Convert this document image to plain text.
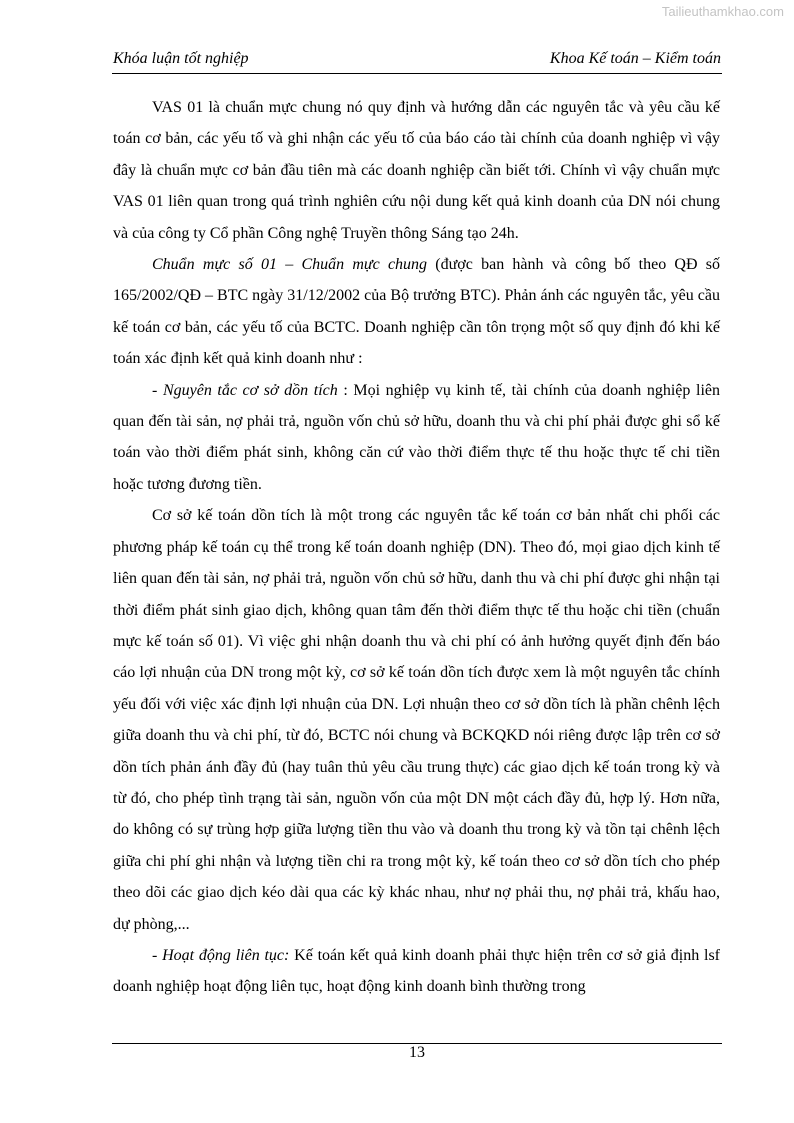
Tailieuthamkhao.com
Khóa luận tốt nghiệp	Khoa Kế toán – Kiểm toán

VAS 01 là chuẩn mực chung nó quy định và hướng dẫn các nguyên tắc và yêu cầu kế toán cơ bản, các yếu tố và ghi nhận các yếu tố của báo cáo tài chính của doanh nghiệp vì vậy đây là chuẩn mực cơ bản đầu tiên mà các doanh nghiệp cần biết tới. Chính vì vậy chuẩn mực VAS 01 liên quan trong quá trình nghiên cứu nội dung kết quả kinh doanh của DN nói chung và của công ty Cổ phần Công nghệ Truyền thông Sáng tạo 24h.

Chuẩn mực số 01 – Chuẩn mực chung (được ban hành và công bố theo QĐ số 165/2002/QĐ – BTC ngày 31/12/2002 của Bộ trưởng BTC). Phản ánh các nguyên tắc, yêu cầu kế toán cơ bản, các yếu tố của BCTC. Doanh nghiệp cần tôn trọng một số quy định đó khi kế toán xác định kết quả kinh doanh như :

- Nguyên tắc cơ sở dồn tích : Mọi nghiệp vụ kinh tế, tài chính của doanh nghiệp liên quan đến tài sản, nợ phải trả, nguồn vốn chủ sở hữu, doanh thu và chi phí phải được ghi sổ kế toán vào thời điểm phát sinh, không căn cứ vào thời điểm thực tế thu hoặc thực tế chi tiền hoặc tương đương tiền.

Cơ sở kế toán dồn tích là một trong các nguyên tắc kế toán cơ bản nhất chi phối các phương pháp kế toán cụ thể trong kế toán doanh nghiệp (DN). Theo đó, mọi giao dịch kinh tế liên quan đến tài sản, nợ phải trả, nguồn vốn chủ sở hữu, danh thu và chi phí được ghi nhận tại thời điểm phát sinh giao dịch, không quan tâm đến thời điểm thực tế thu hoặc chi tiền (chuẩn mực kế toán số 01). Vì việc ghi nhận doanh thu và chi phí có ảnh hưởng quyết định đến báo cáo lợi nhuận của DN trong một kỳ, cơ sở kế toán dồn tích được xem là một nguyên tắc chính yếu đối với việc xác định lợi nhuận của DN. Lợi nhuận theo cơ sở dồn tích là phần chênh lệch giữa doanh thu và chi phí, từ đó, BCTC nói chung và BCKQKD nói riêng được lập trên cơ sở dồn tích phản ánh đầy đủ (hay tuân thủ yêu cầu trung thực) các giao dịch kế toán trong kỳ và từ đó, cho phép tình trạng tài sản, nguồn vốn của một DN một cách đầy đủ, hợp lý. Hơn nữa, do không có sự trùng hợp giữa lượng tiền thu vào và doanh thu trong kỳ và tồn tại chênh lệch giữa chi phí ghi nhận và lượng tiền chi ra trong một kỳ, kế toán theo cơ sở dồn tích cho phép theo dõi các giao dịch kéo dài qua các kỳ khác nhau, như nợ phải thu, nợ phải trả, khấu hao, dự phòng,...

- Hoạt động liên tục: Kế toán kết quả kinh doanh phải thực hiện trên cơ sở giả định lsf doanh nghiệp hoạt động liên tục, hoạt động kinh doanh bình thường trong

13
